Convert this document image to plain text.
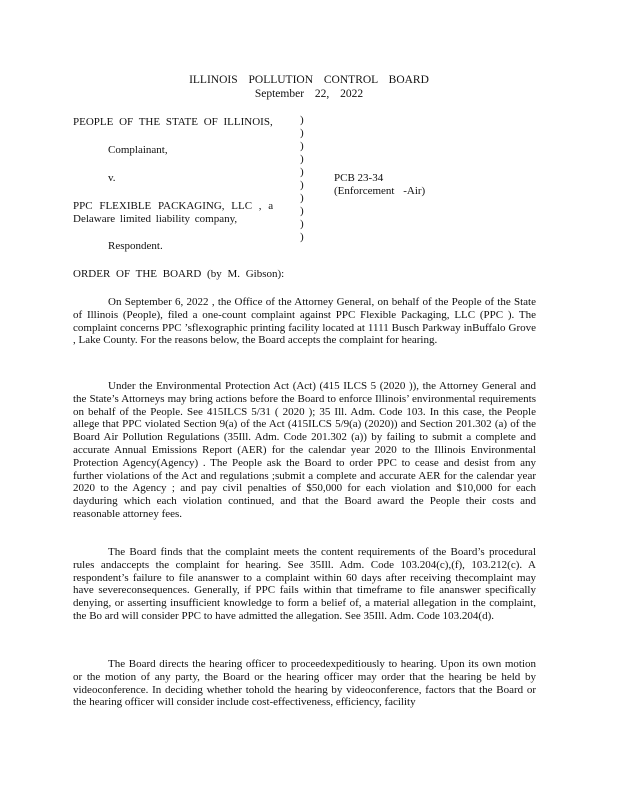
ILLINOIS POLLUTION CONTROL BOARD
September 22, 2022
PEOPLE OF THE STATE OF ILLINOIS,
Complainant,
v.
PPC FLEXIBLE PACKAGING, LLC , a
Delaware limited liability company,
Respondent.
)
)
)
)
)
)
)
)
)
)
PCB 23-34
(Enforcement -Air)
ORDER OF THE BOARD (by M. Gibson):

On September 6, 2022 , the Office of the Attorney General, on behalf of the People of the State of Illinois (People), filed a one-count complaint against PPC Flexible Packaging, LLC (PPC ). The complaint concerns PPC ’sflexographic printing facility located at 1111 Busch Parkway inBuffalo Grove , Lake County. For the reasons below, the Board accepts the complaint for hearing.

Under the Environmental Protection Act (Act) (415 ILCS 5 (2020 )), the Attorney General and the State’s Attorneys may bring actions before the Board to enforce Illinois’ environmental requirements on behalf of the People. See 415ILCS 5/31 ( 2020 ); 35 Ill. Adm. Code 103. In this case, the People allege that PPC violated Section 9(a) of the Act (415ILCS 5/9(a) (2020)) and Section 201.302 (a) of the Board Air Pollution Regulations (35Ill. Adm. Code 201.302 (a)) by failing to submit a complete and accurate Annual Emissions Report (AER) for the calendar year 2020 to the Illinois Environmental Protection Agency(Agency) . The People ask the Board to order PPC to cease and desist from any further violations of the Act and regulations ;submit a complete and accurate AER for the calendar year 2020 to the Agency ; and pay civil penalties of $50,000 for each violation and $10,000 for each dayduring which each violation continued, and that the Board award the People their costs and reasonable attorney fees.

The Board finds that the complaint meets the content requirements of the Board’s procedural rules andaccepts the complaint for hearing. See 35Ill. Adm. Code 103.204(c),(f), 103.212(c). A respondent’s failure to file ananswer to a complaint within 60 days after receiving thecomplaint may have severeconsequences. Generally, if PPC fails within that timeframe to file ananswer specifically denying, or asserting insufficient knowledge to form a belief of, a material allegation in the complaint, the Bo ard will consider PPC to have admitted the allegation. See 35Ill. Adm. Code 103.204(d).

The Board directs the hearing officer to proceedexpeditiously to hearing. Upon its own motion or the motion of any party, the Board or the hearing officer may order that the hearing be held by videoconference. In deciding whether tohold the hearing by videoconference, factors that the Board or the hearing officer will consider include cost-effectiveness, efficiency, facility
